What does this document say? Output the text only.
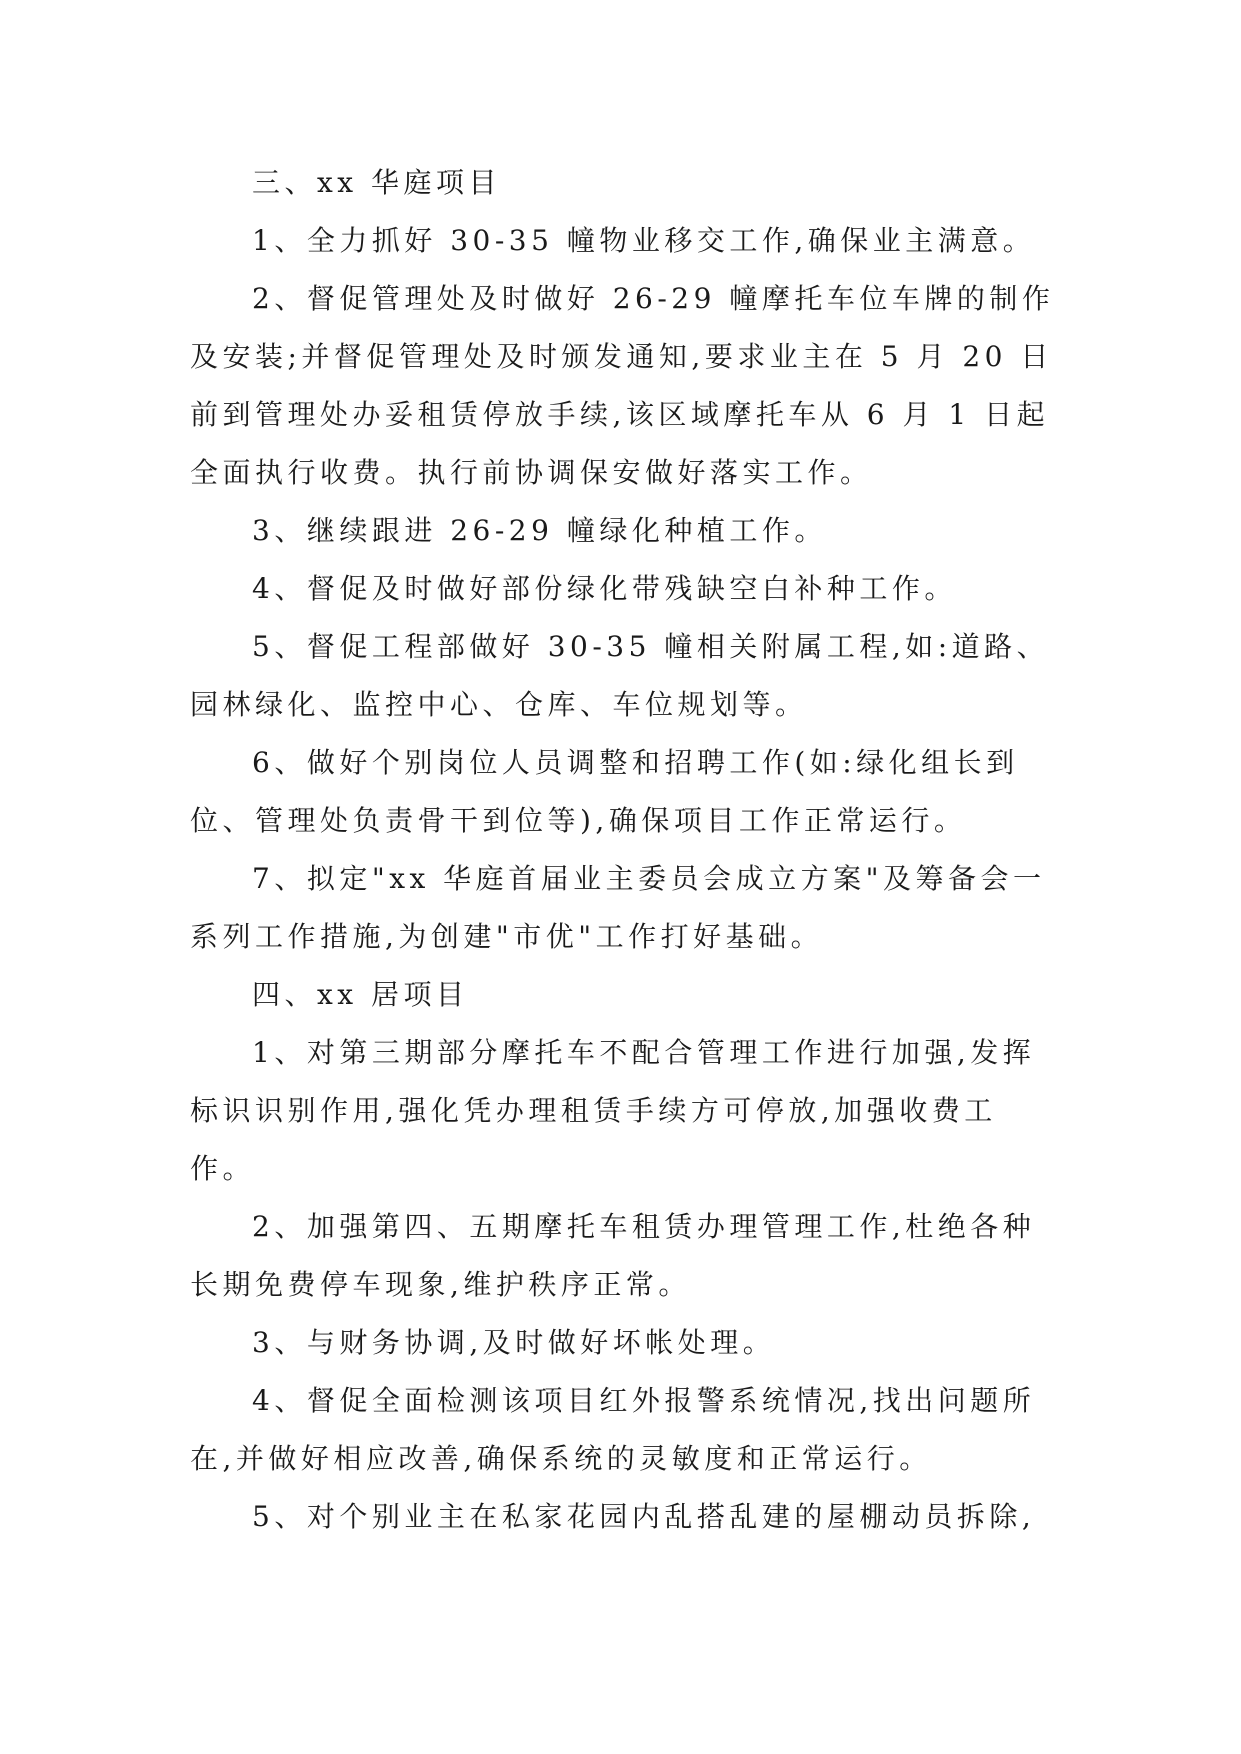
三、xx 华庭项目

1、全力抓好 30-35 幢物业移交工作,确保业主满意。

2、督促管理处及时做好 26-29 幢摩托车位车牌的制作

及安装;并督促管理处及时颁发通知,要求业主在 5 月 20 日

前到管理处办妥租赁停放手续,该区域摩托车从 6 月 1 日起

全面执行收费。执行前协调保安做好落实工作。

3、继续跟进 26-29 幢绿化种植工作。

4、督促及时做好部份绿化带残缺空白补种工作。

5、督促工程部做好 30-35 幢相关附属工程,如:道路、

园林绿化、监控中心、仓库、车位规划等。

6、做好个别岗位人员调整和招聘工作(如:绿化组长到

位、管理处负责骨干到位等),确保项目工作正常运行。

7、拟定"xx 华庭首届业主委员会成立方案"及筹备会一

系列工作措施,为创建"市优"工作打好基础。

四、xx 居项目

1、对第三期部分摩托车不配合管理工作进行加强,发挥

标识识别作用,强化凭办理租赁手续方可停放,加强收费工

作。

2、加强第四、五期摩托车租赁办理管理工作,杜绝各种

长期免费停车现象,维护秩序正常。

3、与财务协调,及时做好坏帐处理。

4、督促全面检测该项目红外报警系统情况,找出问题所

在,并做好相应改善,确保系统的灵敏度和正常运行。

5、对个别业主在私家花园内乱搭乱建的屋棚动员拆除,
